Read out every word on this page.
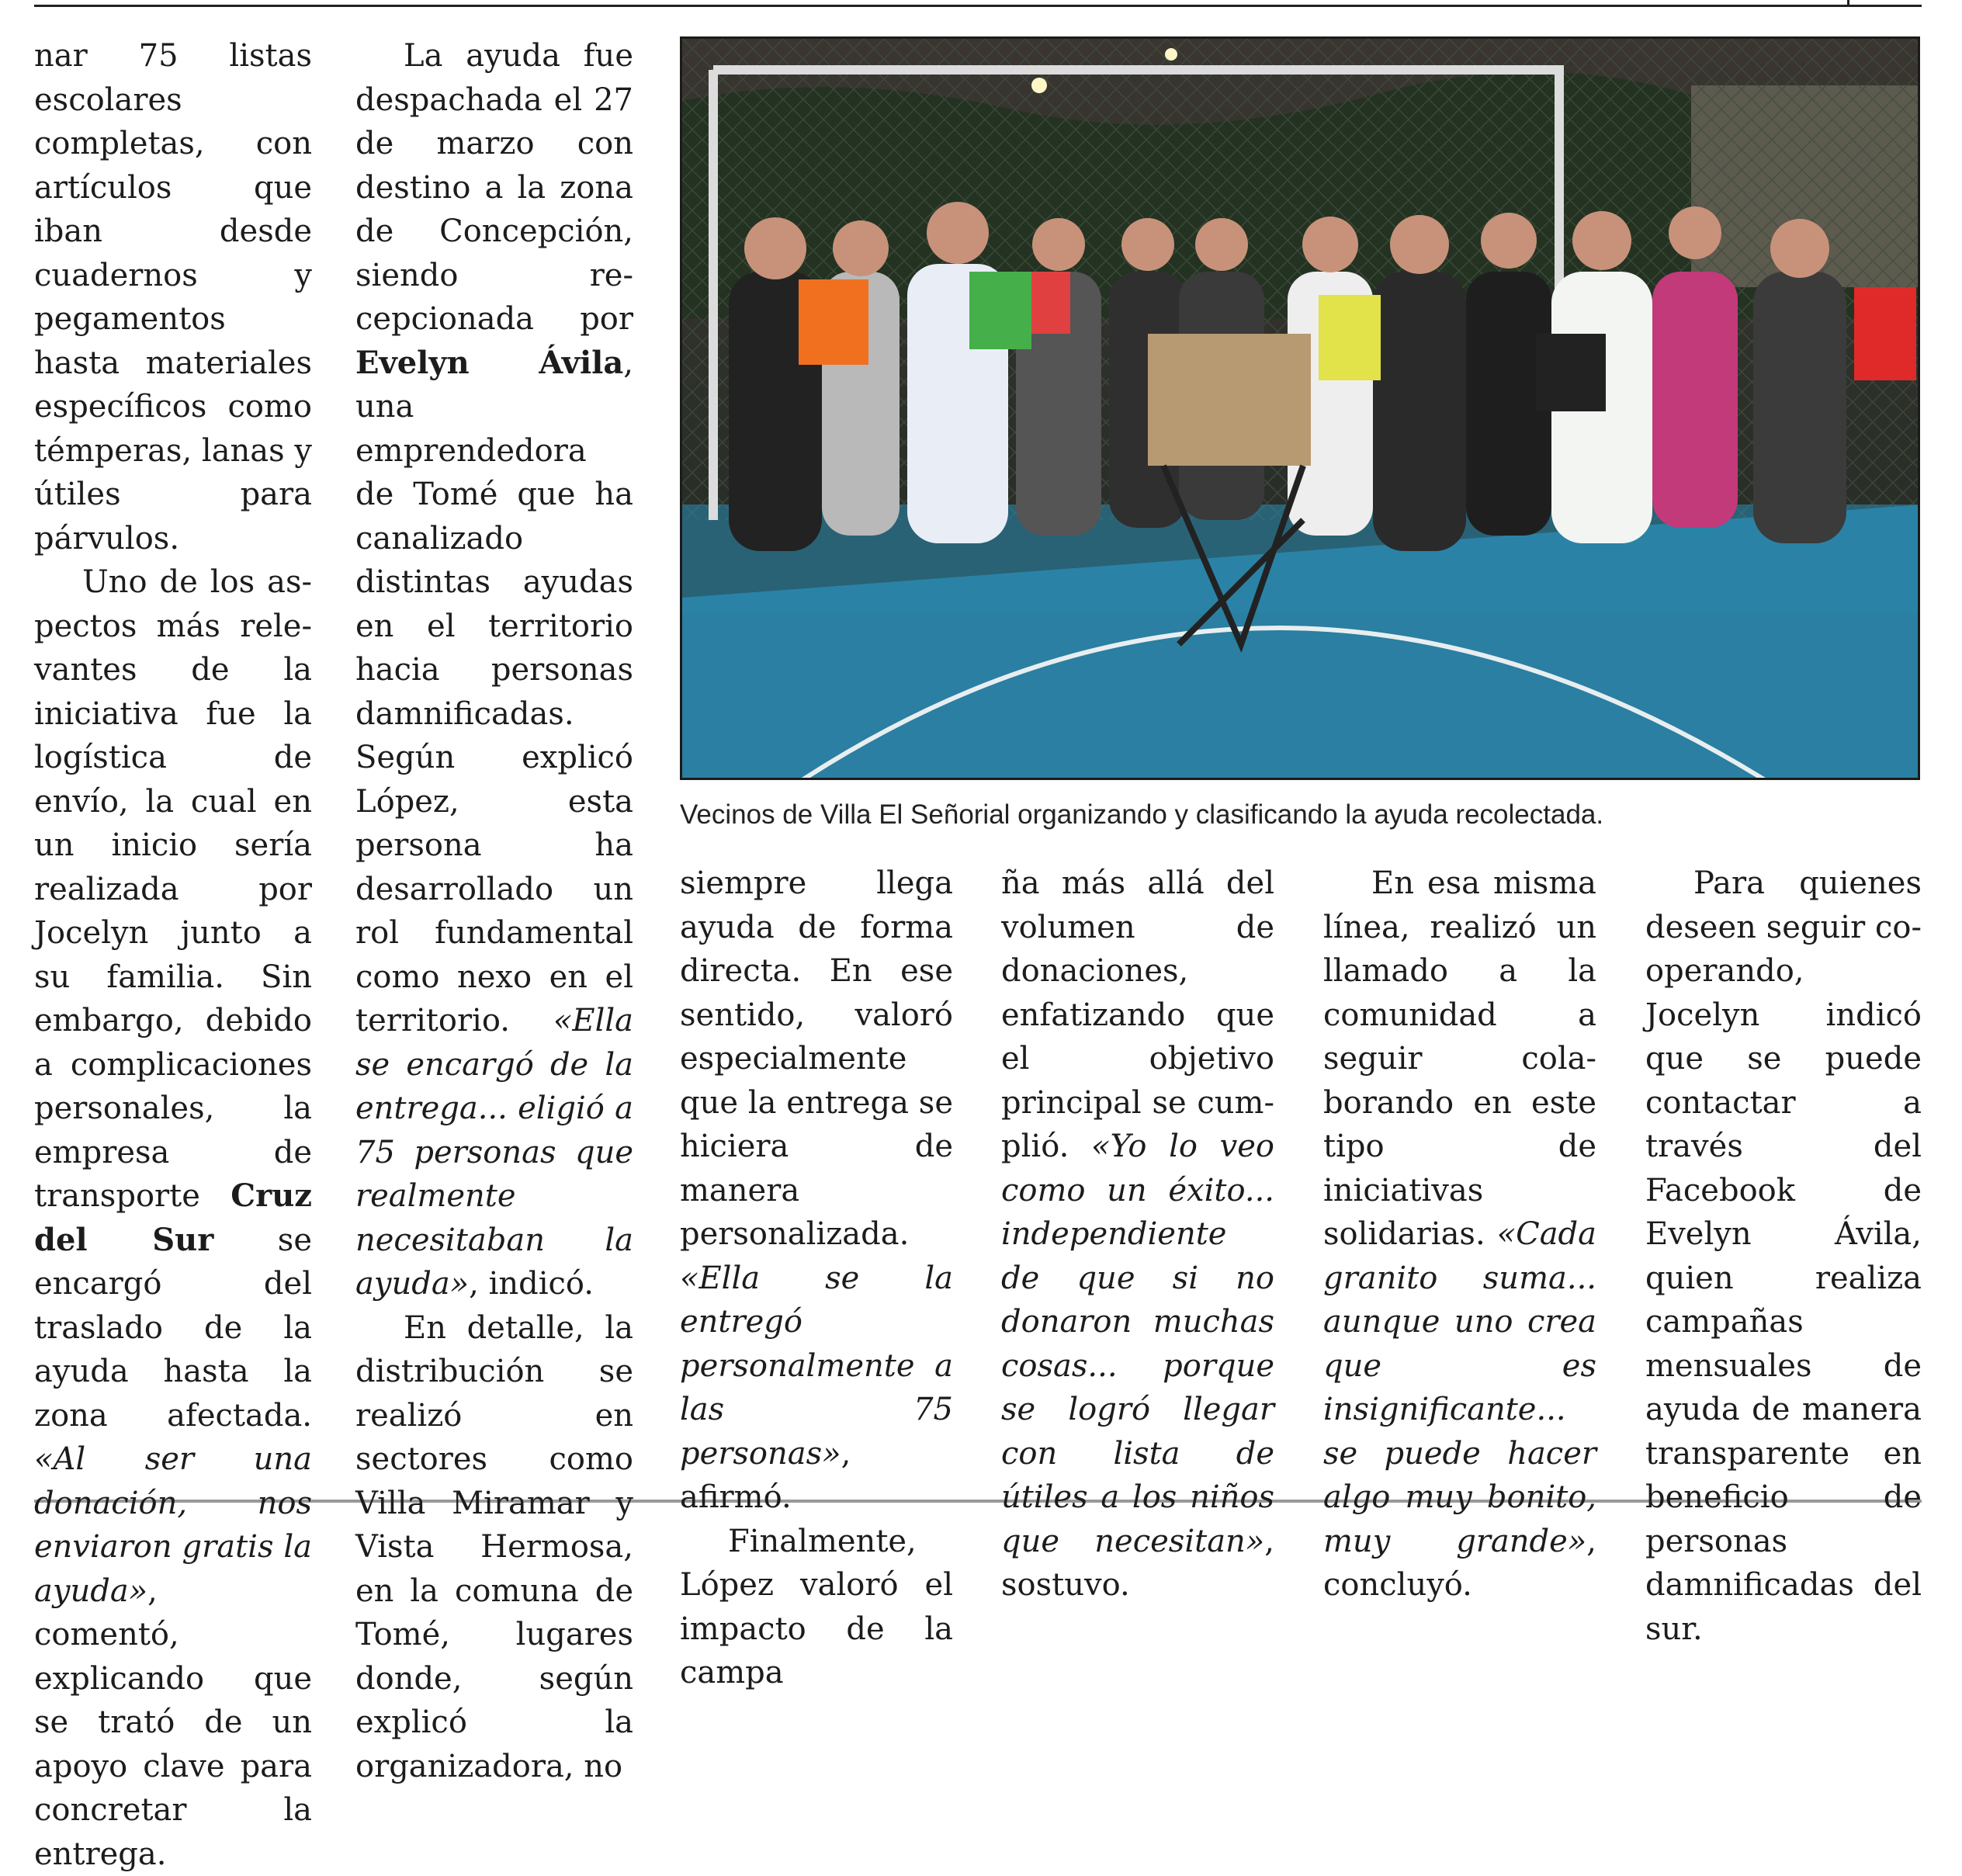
nar 75 listas escolares completas, con artículos que iban desde cuadernos y pegamentos hasta materiales específicos como témperas, lanas y útiles para párvulos.

Uno de los aspectos más relevantes de la iniciativa fue la logística de envío, la cual en un inicio sería realizada por Jocelyn junto a su familia. Sin embargo, debido a complicaciones personales, la empresa de transporte Cruz del Sur se encargó del traslado de la ayuda hasta la zona afectada. «Al ser una donación, nos enviaron gratis la ayuda», comentó, explicando que se trató de un apoyo clave para concretar la entrega.

La ayuda fue despachada el 27 de marzo con destino a la zona de Concepción, siendo recepcionada por Evelyn Ávila, una emprendedora de Tomé que ha canalizado distintas ayudas en el territorio hacia personas damnificadas. Según explicó López, esta persona ha desarrollado un rol fundamental como nexo en el territorio. «Ella se encargó de la entrega... eligió a 75 personas que realmente necesitaban la ayuda», indicó.

En detalle, la distribución se realizó en sectores como Villa Miramar y Vista Hermosa, en la comuna de Tomé, lugares donde, según explicó la organizadora, no

Vecinos de Villa El Señorial organizando y clasificando la ayuda recolectada.

siempre llega ayuda de forma directa. En ese sentido, valoró especialmente que la entrega se hiciera de manera personalizada. «Ella se la entregó personalmente a las 75 personas», afirmó.

Finalmente, López valoró el impacto de la campa

ña más allá del volumen de donaciones, enfatizando que el objetivo principal se cumplió. «Yo lo veo como un éxito... independiente de que si no donaron muchas cosas... porque se logró llegar con lista de útiles a los niños que necesitan», sostuvo.

En esa misma línea, realizó un llamado a la comunidad a seguir colaborando en este tipo de iniciativas solidarias. «Cada granito suma... aunque uno crea que es insignificante... se puede hacer algo muy bonito, muy grande», concluyó.

Para quienes deseen seguir cooperando, Jocelyn indicó que se puede contactar a través del Facebook de Evelyn Ávila, quien realiza campañas mensuales de ayuda de manera transparente en beneficio de personas damnificadas del sur.
